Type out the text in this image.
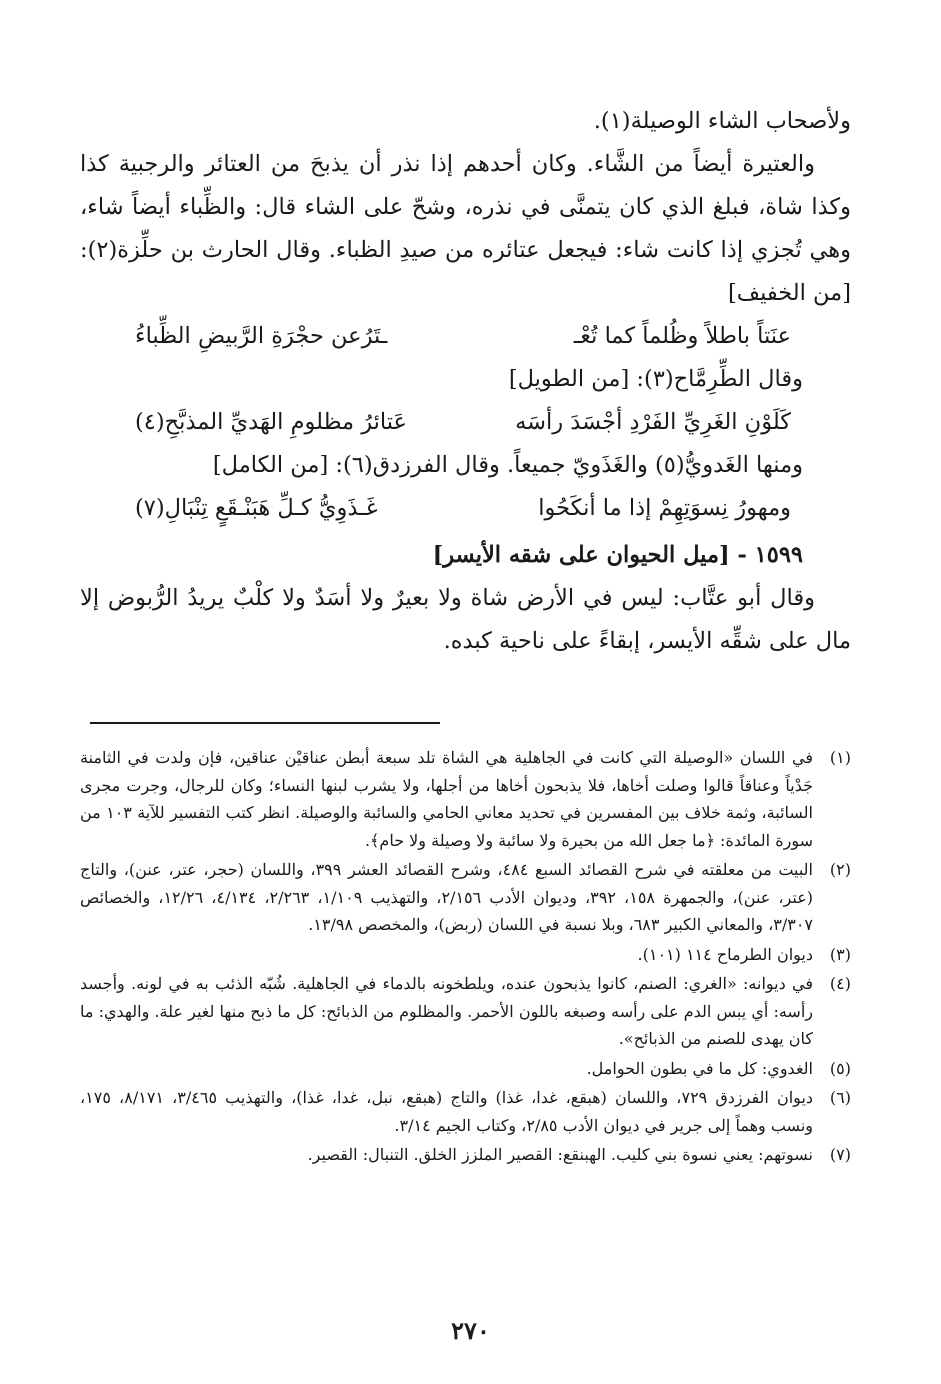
ولأصحاب الشاء الوصيلة(١).

والعتيرة أيضاً من الشَّاء. وكان أحدهم إذا نذر أن يذبحَ من العتائر والرجبية كذا وكذا شاة، فبلغ الذي كان يتمنَّى في نذره، وشحّ على الشاء قال: والظِّباء أيضاً شاء، وهي تُجزي إذا كانت شاء: فيجعل عتائره من صيدِ الظباء. وقال الحارث بن حلِّزة(٢): [من الخفيف]

عنَتاً باطلاً وظُلماً كما تُعْـ
ـتَرُعن حجْرَةِ الرَّبيضِ الظِّباءُ

وقال الطِّرِمَّاح(٣): [من الطويل]

كَلَوْنِ الغَرِيِّ الفَرْدِ أجْسَدَ رأسَه
عَتائرُ مظلومِ الهَديِّ المذبَّحِ(٤)

ومنها الغَدويُّ(٥) والغَذَويّ جميعاً. وقال الفرزدق(٦): [من الكامل]

ومهورُ نِسوَتِهِمْ إذا ما أنكَحُوا
غَـذَوِيُّ كـلِّ هَبَنْـقَعٍ تِنْبَالِ(٧)

١٥٩٩ - [ميل الحيوان على شقه الأيسر]

وقال أبو عتَّاب: ليس في الأرض شاة ولا بعيرٌ ولا أسَدٌ ولا كلْبٌ يريدُ الرُّبوض إلا مال على شقِّه الأيسر، إبقاءً على ناحية كبده.

(١)
في اللسان «الوصيلة التي كانت في الجاهلية هي الشاة تلد سبعة أبطن عناقيْن عناقين، فإن ولدت في الثامنة جَدْياً وعناقاً قالوا وصلت أخاها، فلا يذبحون أخاها من أجلها، ولا يشرب لبنها النساء؛ وكان للرجال، وجرت مجرى السائبة، وثمة خلاف بين المفسرين في تحديد معاني الحامي والسائبة والوصيلة. انظر كتب التفسير للآية ١٠٣ من سورة المائدة: ﴿ما جعل الله من بحيرة ولا سائبة ولا وصيلة ولا حام﴾.
(٢)
البيت من معلقته في شرح القصائد السبع ٤٨٤، وشرح القصائد العشر ٣٩٩، واللسان (حجر، عتر، عنن)، والتاج (عتر، عنن)، والجمهرة ١٥٨، ٣٩٢، وديوان الأدب ٢/١٥٦، والتهذيب ١/١٠٩، ٢/٢٦٣، ٤/١٣٤، ١٢/٢٦، والخصائص ٣/٣٠٧، والمعاني الكبير ٦٨٣، وبلا نسبة في اللسان (ربض)، والمخصص ١٣/٩٨.
(٣)
ديوان الطرماح ١١٤ (١٠١).
(٤)
في ديوانه: «الغري: الصنم، كانوا يذبحون عنده، ويلطخونه بالدماء في الجاهلية. شُبّه الذئب به في لونه. وأجسد رأسه: أي يبس الدم على رأسه وصبغه باللون الأحمر. والمظلوم من الذبائح: كل ما ذبح منها لغير علة. والهدي: ما كان يهدى للصنم من الذبائح».
(٥)
الغدوي: كل ما في بطون الحوامل.
(٦)
ديوان الفرزدق ٧٢٩، واللسان (هبقع، غدا، غذا) والتاج (هبقع، نبل، غدا، غذا)، والتهذيب ٣/٤٦٥، ٨/١٧١، ١٧٥، ونسب وهماً إلى جرير في ديوان الأدب ٢/٨٥، وكتاب الجيم ٣/١٤.
(٧)
نسوتهم: يعني نسوة بني كليب. الهبنقع: القصير الملزز الخلق. التنبال: القصير.
٢٧٠
